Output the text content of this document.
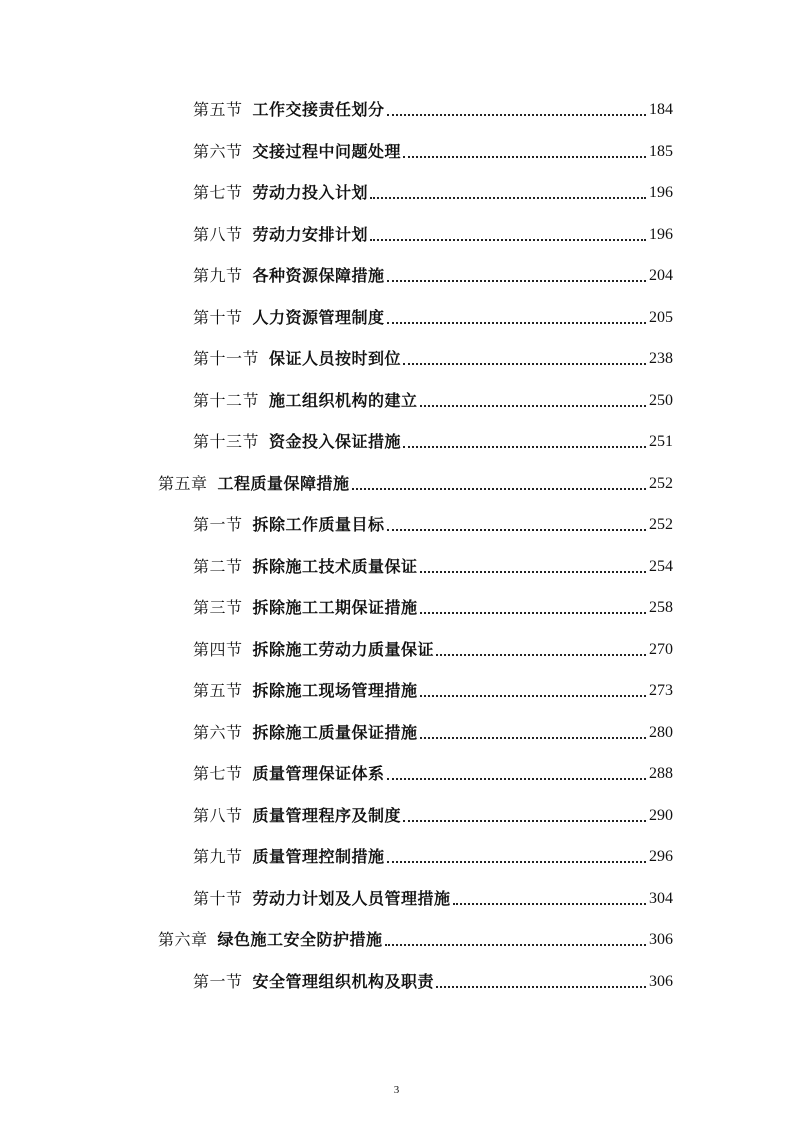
第五节 工作交接责任划分	184
第六节 交接过程中问题处理	185
第七节 劳动力投入计划	196
第八节 劳动力安排计划	196
第九节 各种资源保障措施	204
第十节 人力资源管理制度	205
第十一节 保证人员按时到位	238
第十二节 施工组织机构的建立	250
第十三节 资金投入保证措施	251
第五章 工程质量保障措施	252
第一节 拆除工作质量目标	252
第二节 拆除施工技术质量保证	254
第三节 拆除施工工期保证措施	258
第四节 拆除施工劳动力质量保证	270
第五节 拆除施工现场管理措施	273
第六节 拆除施工质量保证措施	280
第七节 质量管理保证体系	288
第八节 质量管理程序及制度	290
第九节 质量管理控制措施	296
第十节 劳动力计划及人员管理措施	304
第六章 绿色施工安全防护措施	306
第一节 安全管理组织机构及职责	306
3
